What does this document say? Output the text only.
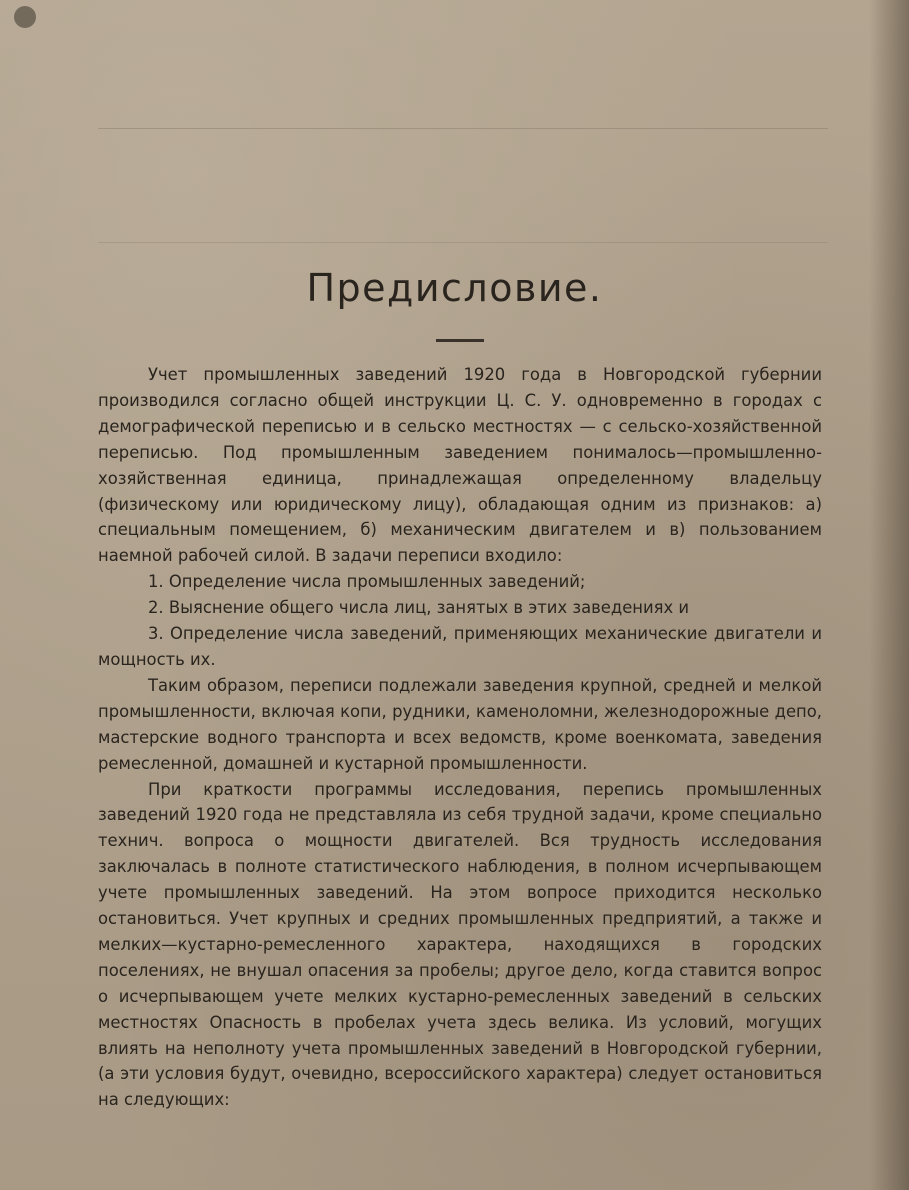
Предисловие.

Учет промышленных заведений 1920 года в Новгородской губернии производился согласно общей инструкции Ц. С. У. одновременно в городах с демографической переписью и в сельско местностях — с сельско-хозяйственной переписью. Под промышленным заведением понималось—промышленно-хозяйственная единица, принадлежащая определенному владельцу (физическому или юридическому лицу), обладающая одним из признаков: а) специальным помещением, б) механическим двигателем и в) пользованием наемной рабочей силой. В задачи переписи входило:

1. Определение числа промышленных заведений;

2. Выяснение общего числа лиц, занятых в этих заведениях и

3. Определение числа заведений, применяющих механические двигатели и мощность их.

Таким образом, переписи подлежали заведения крупной, средней и мелкой промышленности, включая копи, рудники, каменоломни, железнодорожные депо, мастерские водного транспорта и всех ведомств, кроме военкомата, заведения ремесленной, домашней и кустарной промышленности.

При краткости программы исследования, перепись промышленных заведений 1920 года не представляла из себя трудной задачи, кроме специально технич. вопроса о мощности двигателей. Вся трудность исследования заключалась в полноте статистического наблюдения, в полном исчерпывающем учете промышленных заведений. На этом вопросе приходится несколько остановиться. Учет крупных и средних промышленных предприятий, а также и мелких—кустарно-ремесленного характера, находящихся в городских поселениях, не внушал опасения за пробелы; другое дело, когда ставится вопрос о исчерпывающем учете мелких кустарно-ремесленных заведений в сельских местностях Опасность в пробелах учета здесь велика. Из условий, могущих влиять на неполноту учета промышленных заведений в Новгородской губернии, (а эти условия будут, очевидно, всероссийского характера) следует остановиться на следующих:
